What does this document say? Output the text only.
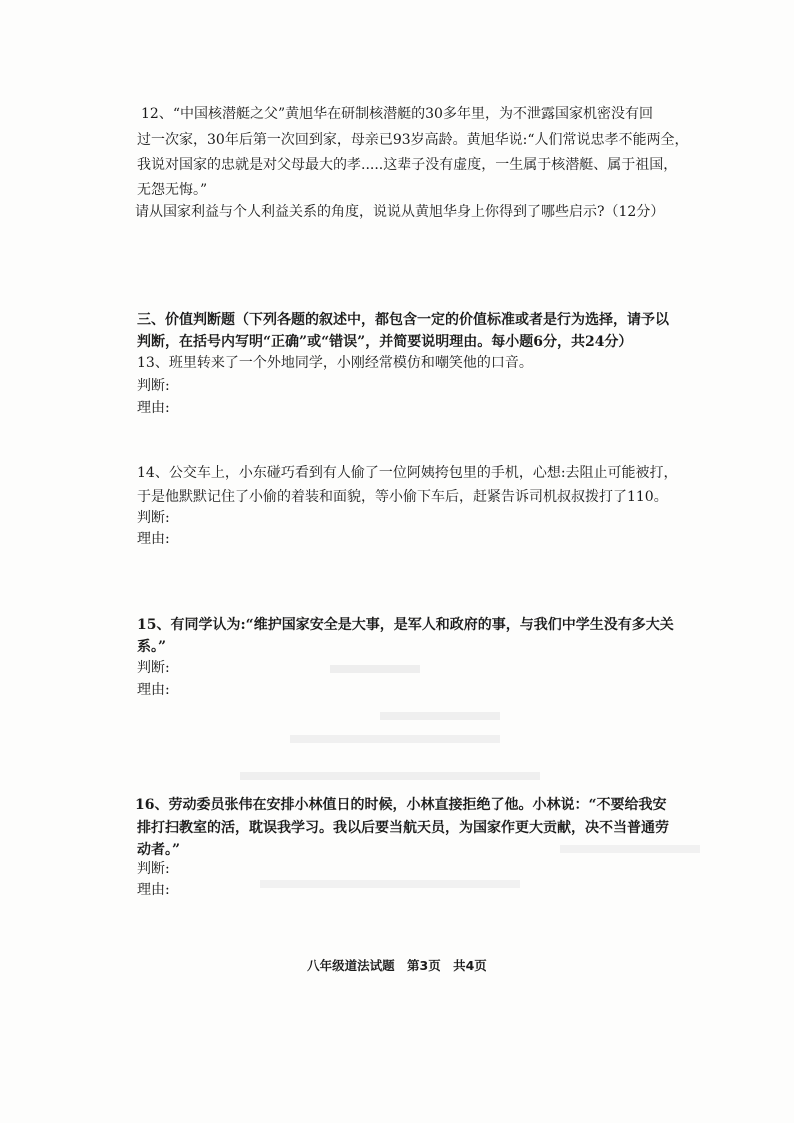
12、“中国核潜艇之父”黄旭华在研制核潜艇的30多年里，为不泄露国家机密没有回
过一次家，30年后第一次回到家，母亲已93岁高龄。黄旭华说:“人们常说忠孝不能两全，
我说对国家的忠就是对父母最大的孝.....这辈子没有虚度，一生属于核潜艇、属于祖国，
无怨无悔。”
请从国家利益与个人利益关系的角度，说说从黄旭华身上你得到了哪些启示?（12分）
三、价值判断题（下列各题的叙述中，都包含一定的价值标准或者是行为选择，请予以
判断，在括号内写明“正确”或“错误”，并简要说明理由。每小题6分，共24分）
13、班里转来了一个外地同学，小刚经常模仿和嘲笑他的口音。
判断:
理由:
14、公交车上，小东碰巧看到有人偷了一位阿姨挎包里的手机，心想:去阻止可能被打，
于是他默默记住了小偷的着装和面貌，等小偷下车后，赶紧告诉司机叔叔拨打了110。
判断:
理由:
15、有同学认为:“维护国家安全是大事，是军人和政府的事，与我们中学生没有多大关
系。”
判断:
理由:
16、劳动委员张伟在安排小林值日的时候，小林直接拒绝了他。小林说：“不要给我安
排打扫教室的活，耽误我学习。我以后要当航天员，为国家作更大贡献，决不当普通劳
动者。”
判断:
理由:
八年级道法试题 第3页 共4页
